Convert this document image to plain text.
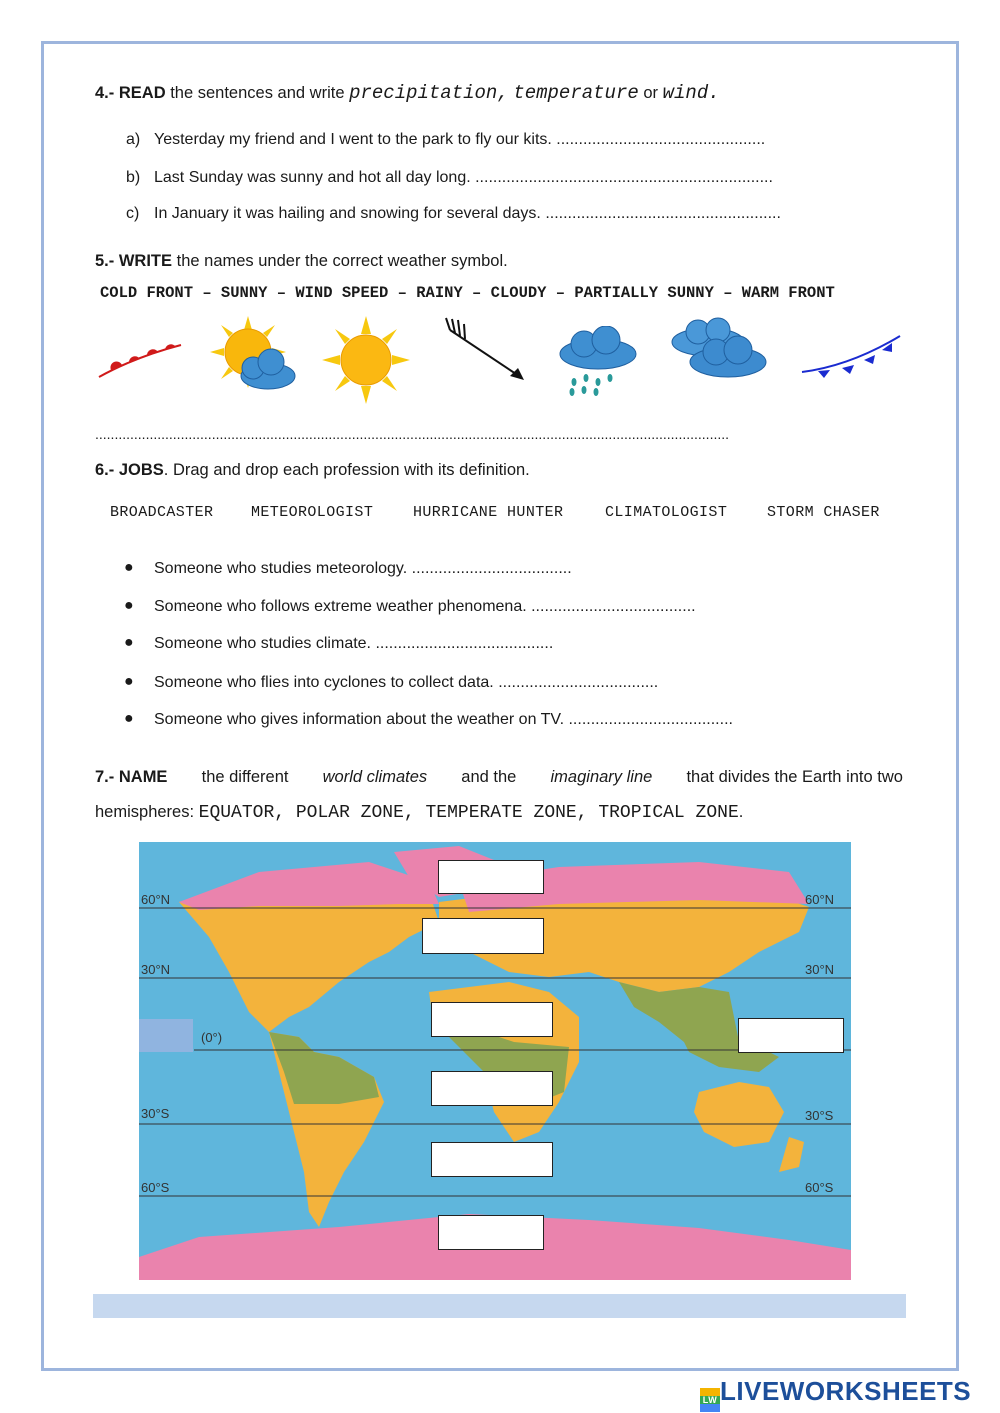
4.- READ the sentences and write precipitation, temperature or wind.
a) Yesterday my friend and I went to the park to fly our kits. ...............................................
b) Last Sunday was sunny and hot all day long. ...................................................................
c) In January it was hailing and snowing for several days. .....................................................
5.- WRITE the names under the correct weather symbol.
COLD FRONT – SUNNY – WIND SPEED – RAINY – CLOUDY – PARTIALLY SUNNY – WARM FRONT
...................................................................................................................................................................
6.- JOBS. Drag and drop each profession with its definition.
BROADCASTER	METEOROLOGIST	HURRICANE HUNTER	CLIMATOLOGIST	STORM CHASER
● Someone who studies meteorology. ....................................
● Someone who follows extreme weather phenomena. .....................................
● Someone who studies climate. ........................................
● Someone who flies into cyclones to collect data. ....................................
● Someone who gives information about the weather on TV. .....................................
7.- NAME the different world climates and the imaginary line that divides the Earth into two
hemispheres: EQUATOR, POLAR ZONE, TEMPERATE ZONE, TROPICAL ZONE.
60°N	60°N
30°N	30°N
(0°)
30°S	30°S
60°S	60°S
LW LIVEWORKSHEETS
